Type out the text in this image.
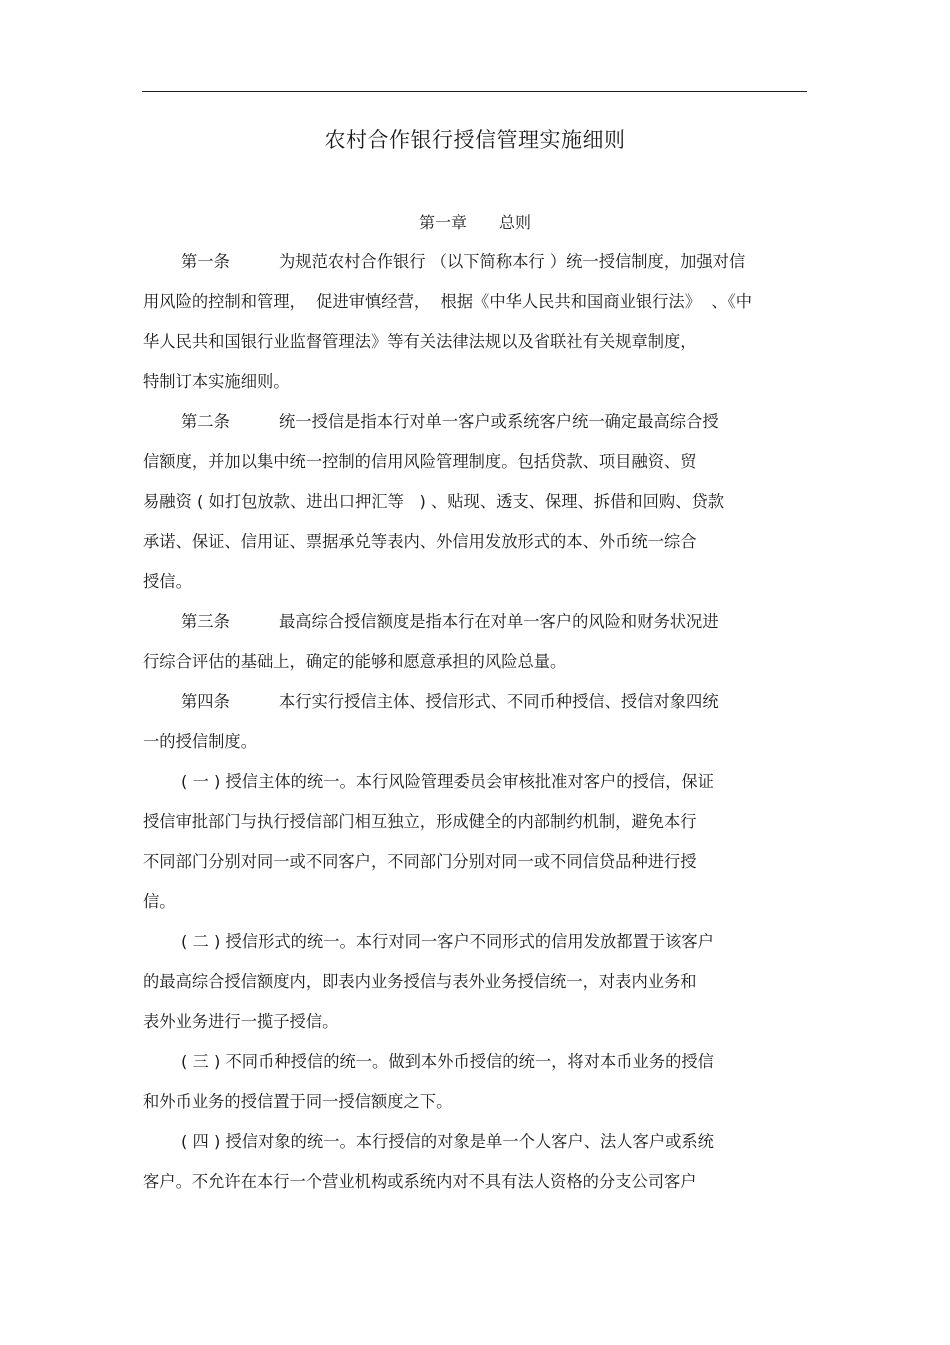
农村合作银行授信管理实施细则
第一章 总则
第一条	为规范农村合作银行 （以下简称本行 ）统一授信制度，加强对信
用风险的控制和管理，  促进审慎经营，  根据《中华人民共和国商业银行法》  、《中
华人民共和国银行业监督管理法》等有关法律法规以及省联社有关规章制度，
特制订本实施细则。
第二条	统一授信是指本行对单一客户或系统客户统一确定最高综合授
信额度，并加以集中统一控制的信用风险管理制度。包括贷款、项目融资、贸
易融资 ( 如打包放款、进出口押汇等   ) 、贴现、透支、保理、拆借和回购、贷款
承诺、保证、信用证、票据承兑等表内、外信用发放形式的本、外币统一综合
授信。
第三条	最高综合授信额度是指本行在对单一客户的风险和财务状况进
行综合评估的基础上，确定的能够和愿意承担的风险总量。
第四条	本行实行授信主体、授信形式、不同币种授信、授信对象四统
一的授信制度。
( 一 ) 授信主体的统一。本行风险管理委员会审核批准对客户的授信，保证
授信审批部门与执行授信部门相互独立，形成健全的内部制约机制，避免本行
不同部门分别对同一或不同客户，不同部门分别对同一或不同信贷品种进行授
信。
( 二 ) 授信形式的统一。本行对同一客户不同形式的信用发放都置于该客户
的最高综合授信额度内，即表内业务授信与表外业务授信统一，对表内业务和
表外业务进行一揽子授信。
( 三 ) 不同币种授信的统一。做到本外币授信的统一，将对本币业务的授信
和外币业务的授信置于同一授信额度之下。
( 四 ) 授信对象的统一。本行授信的对象是单一个人客户、法人客户或系统
客户。不允许在本行一个营业机构或系统内对不具有法人资格的分支公司客户
